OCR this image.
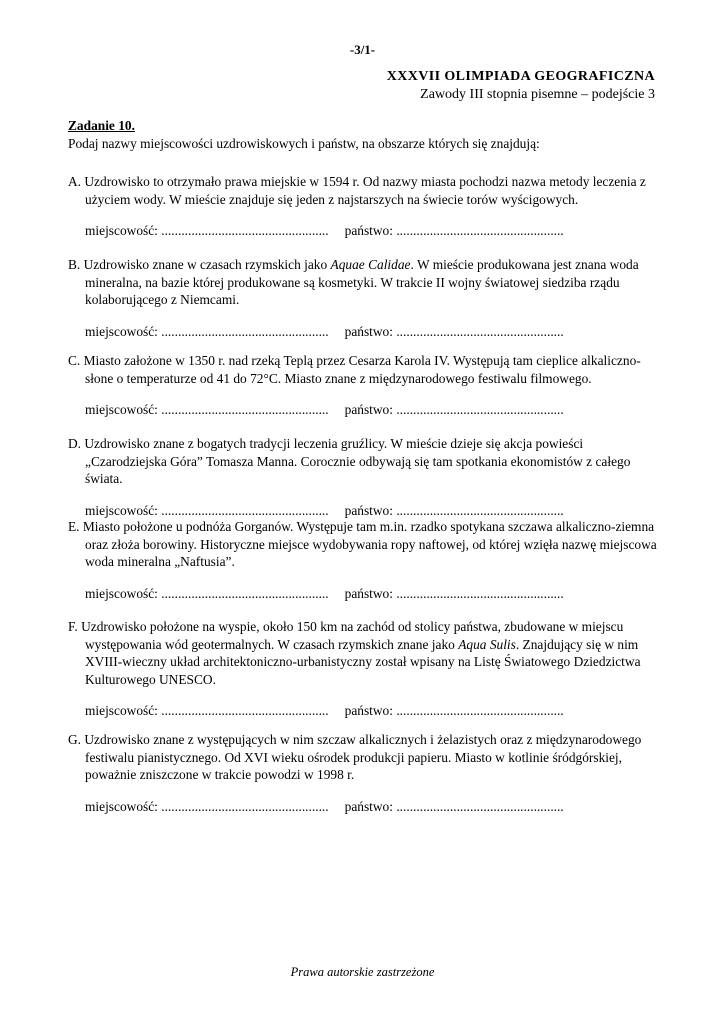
-3/1-
XXXVII OLIMPIADA GEOGRAFICZNA
Zawody III stopnia pisemne – podejście 3
Zadanie 10.
Podaj nazwy miejscowości uzdrowiskowych i państw, na obszarze których się znajdują:
A. Uzdrowisko to otrzymało prawa miejskie w 1594 r. Od nazwy miasta pochodzi nazwa metody leczenia z użyciem wody. W mieście znajduje się jeden z najstarszych na świecie torów wyścigowych.
miejscowość: .................................................. państwo: ..................................................
B. Uzdrowisko znane w czasach rzymskich jako Aquae Calidae. W mieście produkowana jest znana woda mineralna, na bazie której produkowane są kosmetyki. W trakcie II wojny światowej siedziba rządu kolaborującego z Niemcami.
miejscowość: .................................................. państwo: ..................................................
C. Miasto założone w 1350 r. nad rzeką Teplą przez Cesarza Karola IV. Występują tam cieplice alkaliczno-słone o temperaturze od 41 do 72°C. Miasto znane z międzynarodowego festiwalu filmowego.
miejscowość: .................................................. państwo: ..................................................
D. Uzdrowisko znane z bogatych tradycji leczenia gruźlicy. W mieście dzieje się akcja powieści „Czarodziejska Góra” Tomasza Manna. Corocznie odbywają się tam spotkania ekonomistów z całego świata.
miejscowość: .................................................. państwo: ..................................................
E. Miasto położone u podnóża Gorganów. Występuje tam m.in. rzadko spotykana szczawa alkaliczno-ziemna oraz złoża borowiny. Historyczne miejsce wydobywania ropy naftowej, od której wzięła nazwę miejscowa woda mineralna „Naftusia”.
miejscowość: .................................................. państwo: ..................................................
F. Uzdrowisko położone na wyspie, około 150 km na zachód od stolicy państwa, zbudowane w miejscu występowania wód geotermalnych. W czasach rzymskich znane jako Aqua Sulis. Znajdujący się w nim XVIII-wieczny układ architektoniczno-urbanistyczny został wpisany na Listę Światowego Dziedzictwa Kulturowego UNESCO.
miejscowość: .................................................. państwo: ..................................................
G. Uzdrowisko znane z występujących w nim szczaw alkalicznych i żelazistych oraz z międzynarodowego festiwalu pianistycznego. Od XVI wieku ośrodek produkcji papieru. Miasto w kotlinie śródgórskiej, poważnie zniszczone w trakcie powodzi w 1998 r.
miejscowość: .................................................. państwo: ..................................................
Prawa autorskie zastrzeżone
